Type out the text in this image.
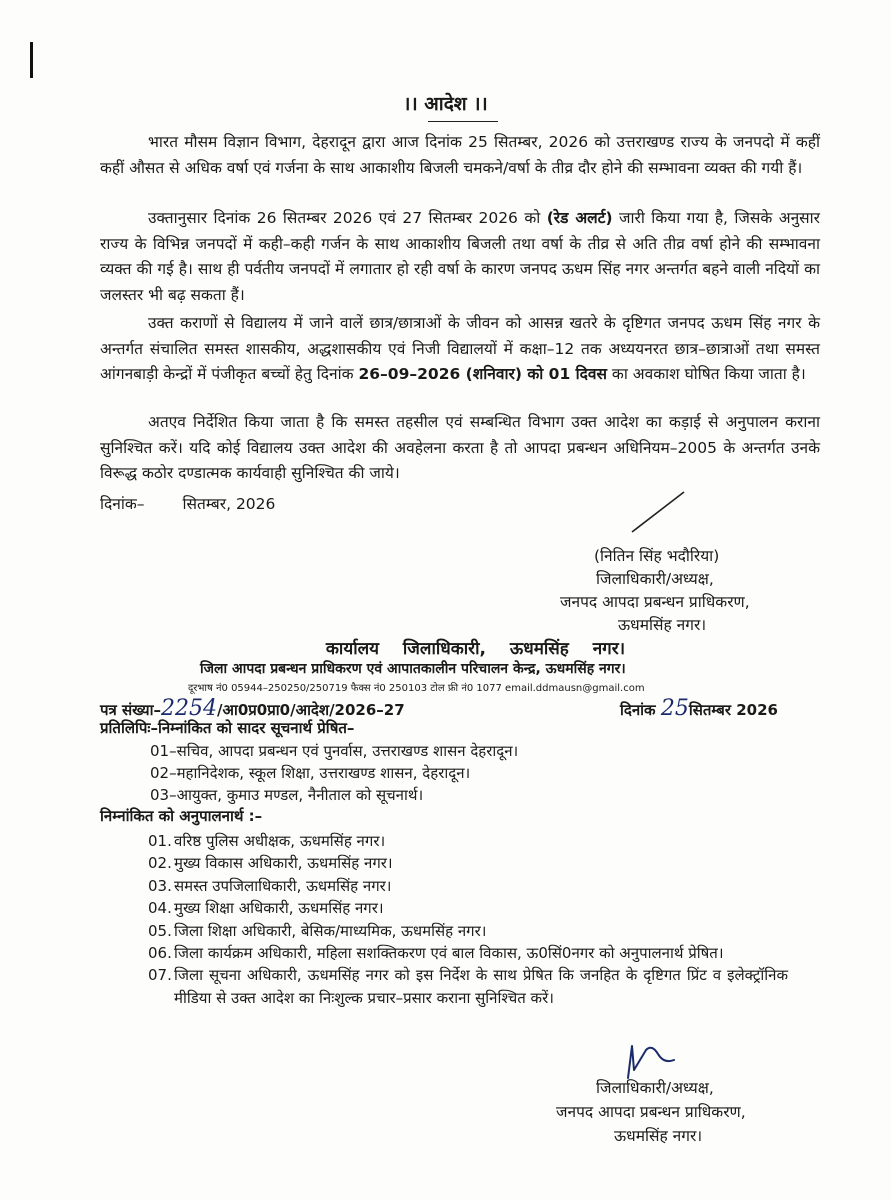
।। आदेश ।।
भारत मौसम विज्ञान विभाग, देहरादून द्वारा आज दिनांक 25 सितम्बर, 2026 को उत्तराखण्ड राज्य के जनपदो में कहीं कहीं औसत से अधिक वर्षा एवं गर्जना के साथ आकाशीय बिजली चमकने/वर्षा के तीव्र दौर होने की सम्भावना व्यक्त की गयी हैं।
उक्तानुसार दिनांक 26 सितम्बर 2026 एवं 27 सितम्बर 2026 को (रेड अलर्ट) जारी किया गया है, जिसके अनुसार राज्य के विभिन्न जनपदों में कही–कही गर्जन के साथ आकाशीय बिजली तथा वर्षा के तीव्र से अति तीव्र वर्षा होने की सम्भावना व्यक्त की गई है। साथ ही पर्वतीय जनपदों में लगातार हो रही वर्षा के कारण जनपद ऊधम सिंह नगर अन्तर्गत बहने वाली नदियों का जलस्तर भी बढ़ सकता हैं।
उक्त कराणों से विद्यालय में जाने वालें छात्र/छात्राओं के जीवन को आसन्न खतरे के दृष्टिगत जनपद ऊधम सिंह नगर के अन्तर्गत संचालित समस्त शासकीय, अद्धशासकीय एवं निजी विद्यालयों में कक्षा–12 तक अध्ययनरत छात्र–छात्राओं तथा समस्त आंगनबाड़ी केन्द्रों में पंजीकृत बच्चों हेतु दिनांक 26–09–2026 (शनिवार) को 01 दिवस का अवकाश घोषित किया जाता है।
अतएव निर्देशित किया जाता है कि समस्त तहसील एवं सम्बन्धित विभाग उक्त आदेश का कड़ाई से अनुपालन कराना सुनिश्चित करें। यदि कोई विद्यालय उक्त आदेश की अवहेलना करता है तो आपदा प्रबन्धन अधिनियम–2005 के अन्तर्गत उनके विरूद्ध कठोर दण्डात्मक कार्यवाही सुनिश्चित की जाये।
दिनांक– सितम्बर, 2026
(नितिन सिंह भदौरिया)
जिलाधिकारी/अध्यक्ष,
जनपद आपदा प्रबन्धन प्राधिकरण,
ऊधमसिंह नगर।
कार्यालय जिलाधिकारी, ऊधमसिंह नगर।
जिला आपदा प्रबन्धन प्राधिकरण एवं आपातकालीन परिचालन केन्द्र, ऊधमसिंह नगर।
दूरभाष नं0 05944–250250/250719 फैक्स नं0 250103 टोल फ्री नं0 1077 email.ddmausn@gmail.com
पत्र संख्या–2254/आ0प्र0प्रा0/आदेश/2026–27	दिनांक 25सितम्बर 2026
प्रतिलिपिः–निम्नांकित को सादर सूचनार्थ प्रेषित–
01–सचिव, आपदा प्रबन्धन एवं पुनर्वास, उत्तराखण्ड शासन देहरादून।
02–महानिदेशक, स्कूल शिक्षा, उत्तराखण्ड शासन, देहरादून।
03–आयुक्त, कुमाउ मण्डल, नैनीताल को सूचनार्थ।
निम्नांकित को अनुपालनार्थ :–
01. वरिष्ठ पुलिस अधीक्षक, ऊधमसिंह नगर।
02. मुख्य विकास अधिकारी, ऊधमसिंह नगर।
03. समस्त उपजिलाधिकारी, ऊधमसिंह नगर।
04. मुख्य शिक्षा अधिकारी, ऊधमसिंह नगर।
05. जिला शिक्षा अधिकारी, बेसिक/माध्यमिक, ऊधमसिंह नगर।
06. जिला कार्यक्रम अधिकारी, महिला सशक्तिकरण एवं बाल विकास, ऊ0सिं0नगर को अनुपालनार्थ प्रेषित।
07. जिला सूचना अधिकारी, ऊधमसिंह नगर को इस निर्देश के साथ प्रेषित कि जनहित के दृष्टिगत प्रिंट व इलेक्ट्रॉनिक मीडिया से उक्त आदेश का निःशुल्क प्रचार–प्रसार कराना सुनिश्चित करें।
जिलाधिकारी/अध्यक्ष,
जनपद आपदा प्रबन्धन प्राधिकरण,
ऊधमसिंह नगर।
